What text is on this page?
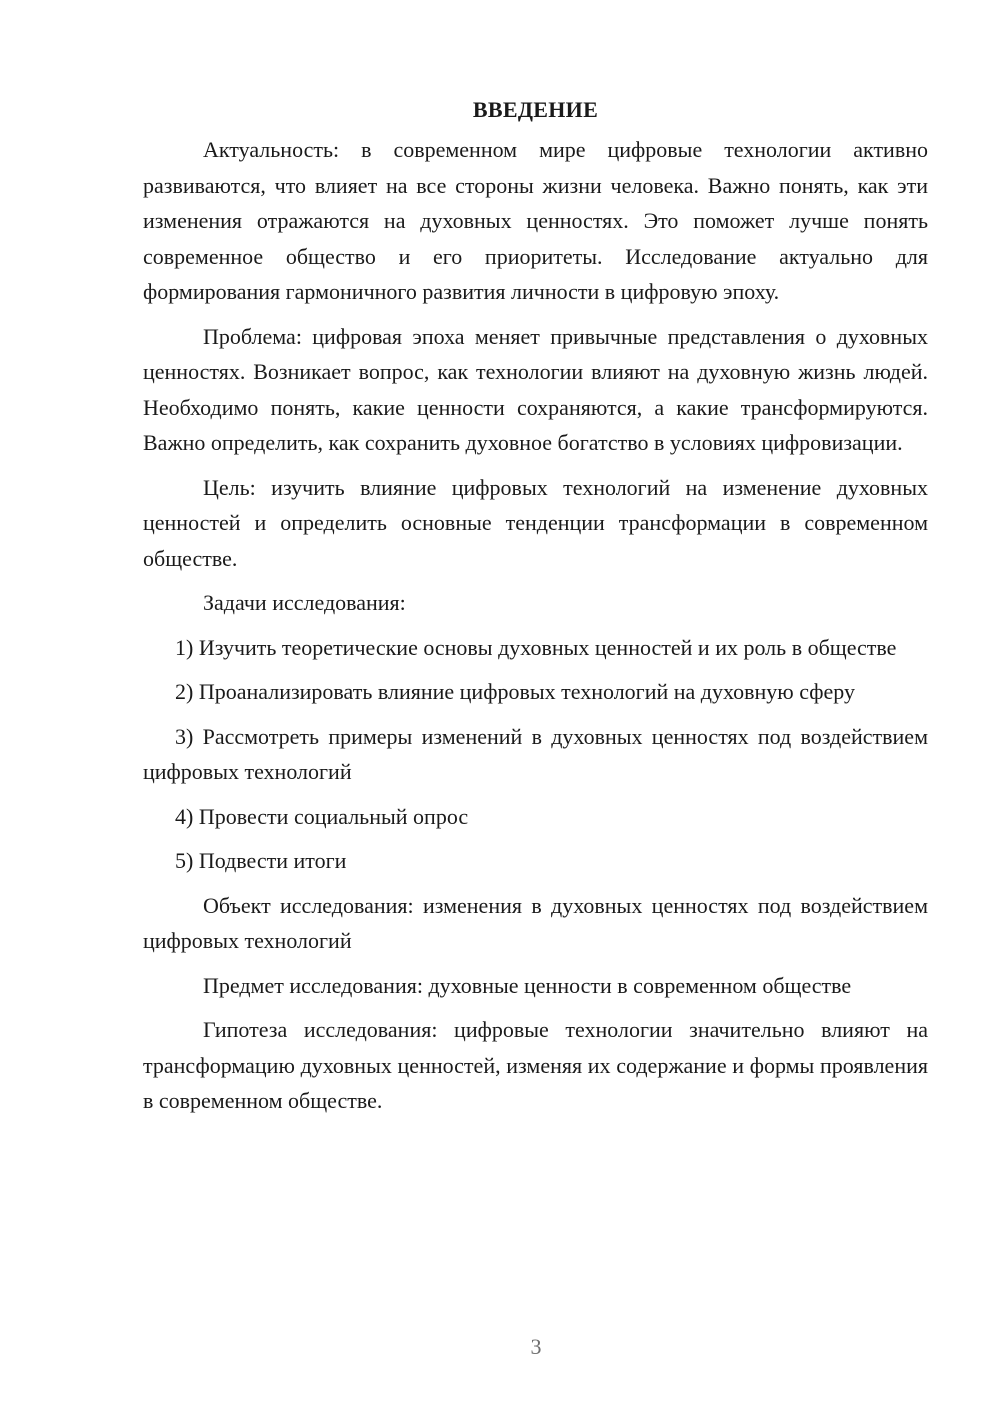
ВВЕДЕНИЕ

Актуальность: в современном мире цифровые технологии активно развиваются, что влияет на все стороны жизни человека. Важно понять, как эти изменения отражаются на духовных ценностях. Это поможет лучше понять современное общество и его приоритеты. Исследование актуально для формирования гармоничного развития личности в цифровую эпоху.

Проблема: цифровая эпоха меняет привычные представления о духовных ценностях. Возникает вопрос, как технологии влияют на духовную жизнь людей. Необходимо понять, какие ценности сохраняются, а какие трансформируются. Важно определить, как сохранить духовное богатство в условиях цифровизации.

Цель: изучить влияние цифровых технологий на изменение духовных ценностей и определить основные тенденции трансформации в современном обществе.

Задачи исследования:

1) Изучить теоретические основы духовных ценностей и их роль в обществе

2) Проанализировать влияние цифровых технологий на духовную сферу

3) Рассмотреть примеры изменений в духовных ценностях под воздействием цифровых технологий

4) Провести социальный опрос

5) Подвести итоги

Объект исследования: изменения в духовных ценностях под воздействием цифровых технологий

Предмет исследования: духовные ценности в современном обществе

Гипотеза исследования: цифровые технологии значительно влияют на трансформацию духовных ценностей, изменяя их содержание и формы проявления в современном обществе.

3
